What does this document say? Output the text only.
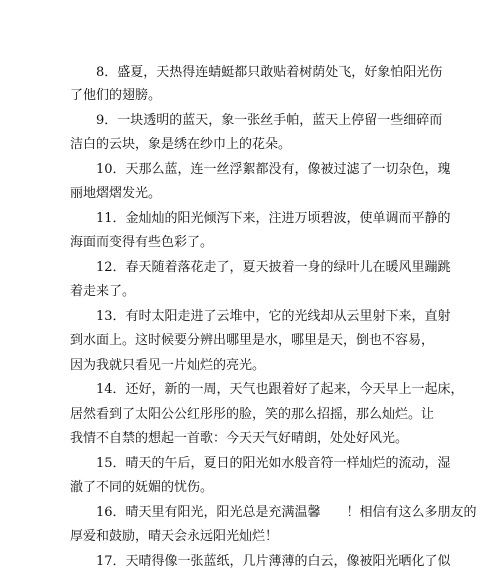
8．盛夏，天热得连蜻蜓都只敢贴着树荫处飞，好象怕阳光伤
了他们的翅膀。
9．一块透明的蓝天，象一张丝手帕，蓝天上停留一些细碎而
洁白的云块，象是绣在纱巾上的花朵。
10．天那么蓝，连一丝浮絮都没有，像被过滤了一切杂色，瑰
丽地熠熠发光。
11．金灿灿的阳光倾泻下来，注进万顷碧波，使单调而平静的
海面而变得有些色彩了。
12．春天随着落花走了，夏天披着一身的绿叶儿在暖风里蹦跳
着走来了。
13．有时太阳走进了云堆中，它的光线却从云里射下来，直射
到水面上。这时候要分辨出哪里是水，哪里是天，倒也不容易，
因为我就只看见一片灿烂的亮光。
14．还好，新的一周，天气也跟着好了起来，今天早上一起床，
居然看到了太阳公公红彤彤的脸，笑的那么招摇，那么灿烂。让
我情不自禁的想起一首歌：今天天气好晴朗，处处好风光。
15．晴天的午后，夏日的阳光如水般音符一样灿烂的流动，湿
澈了不同的妩媚的忧伤。
16．晴天里有阳光，阳光总是充满温馨　　！相信有这么多朋友的
厚爱和鼓励，晴天会永远阳光灿烂！
17．天晴得像一张蓝纸，几片薄薄的白云，像被阳光晒化了似
